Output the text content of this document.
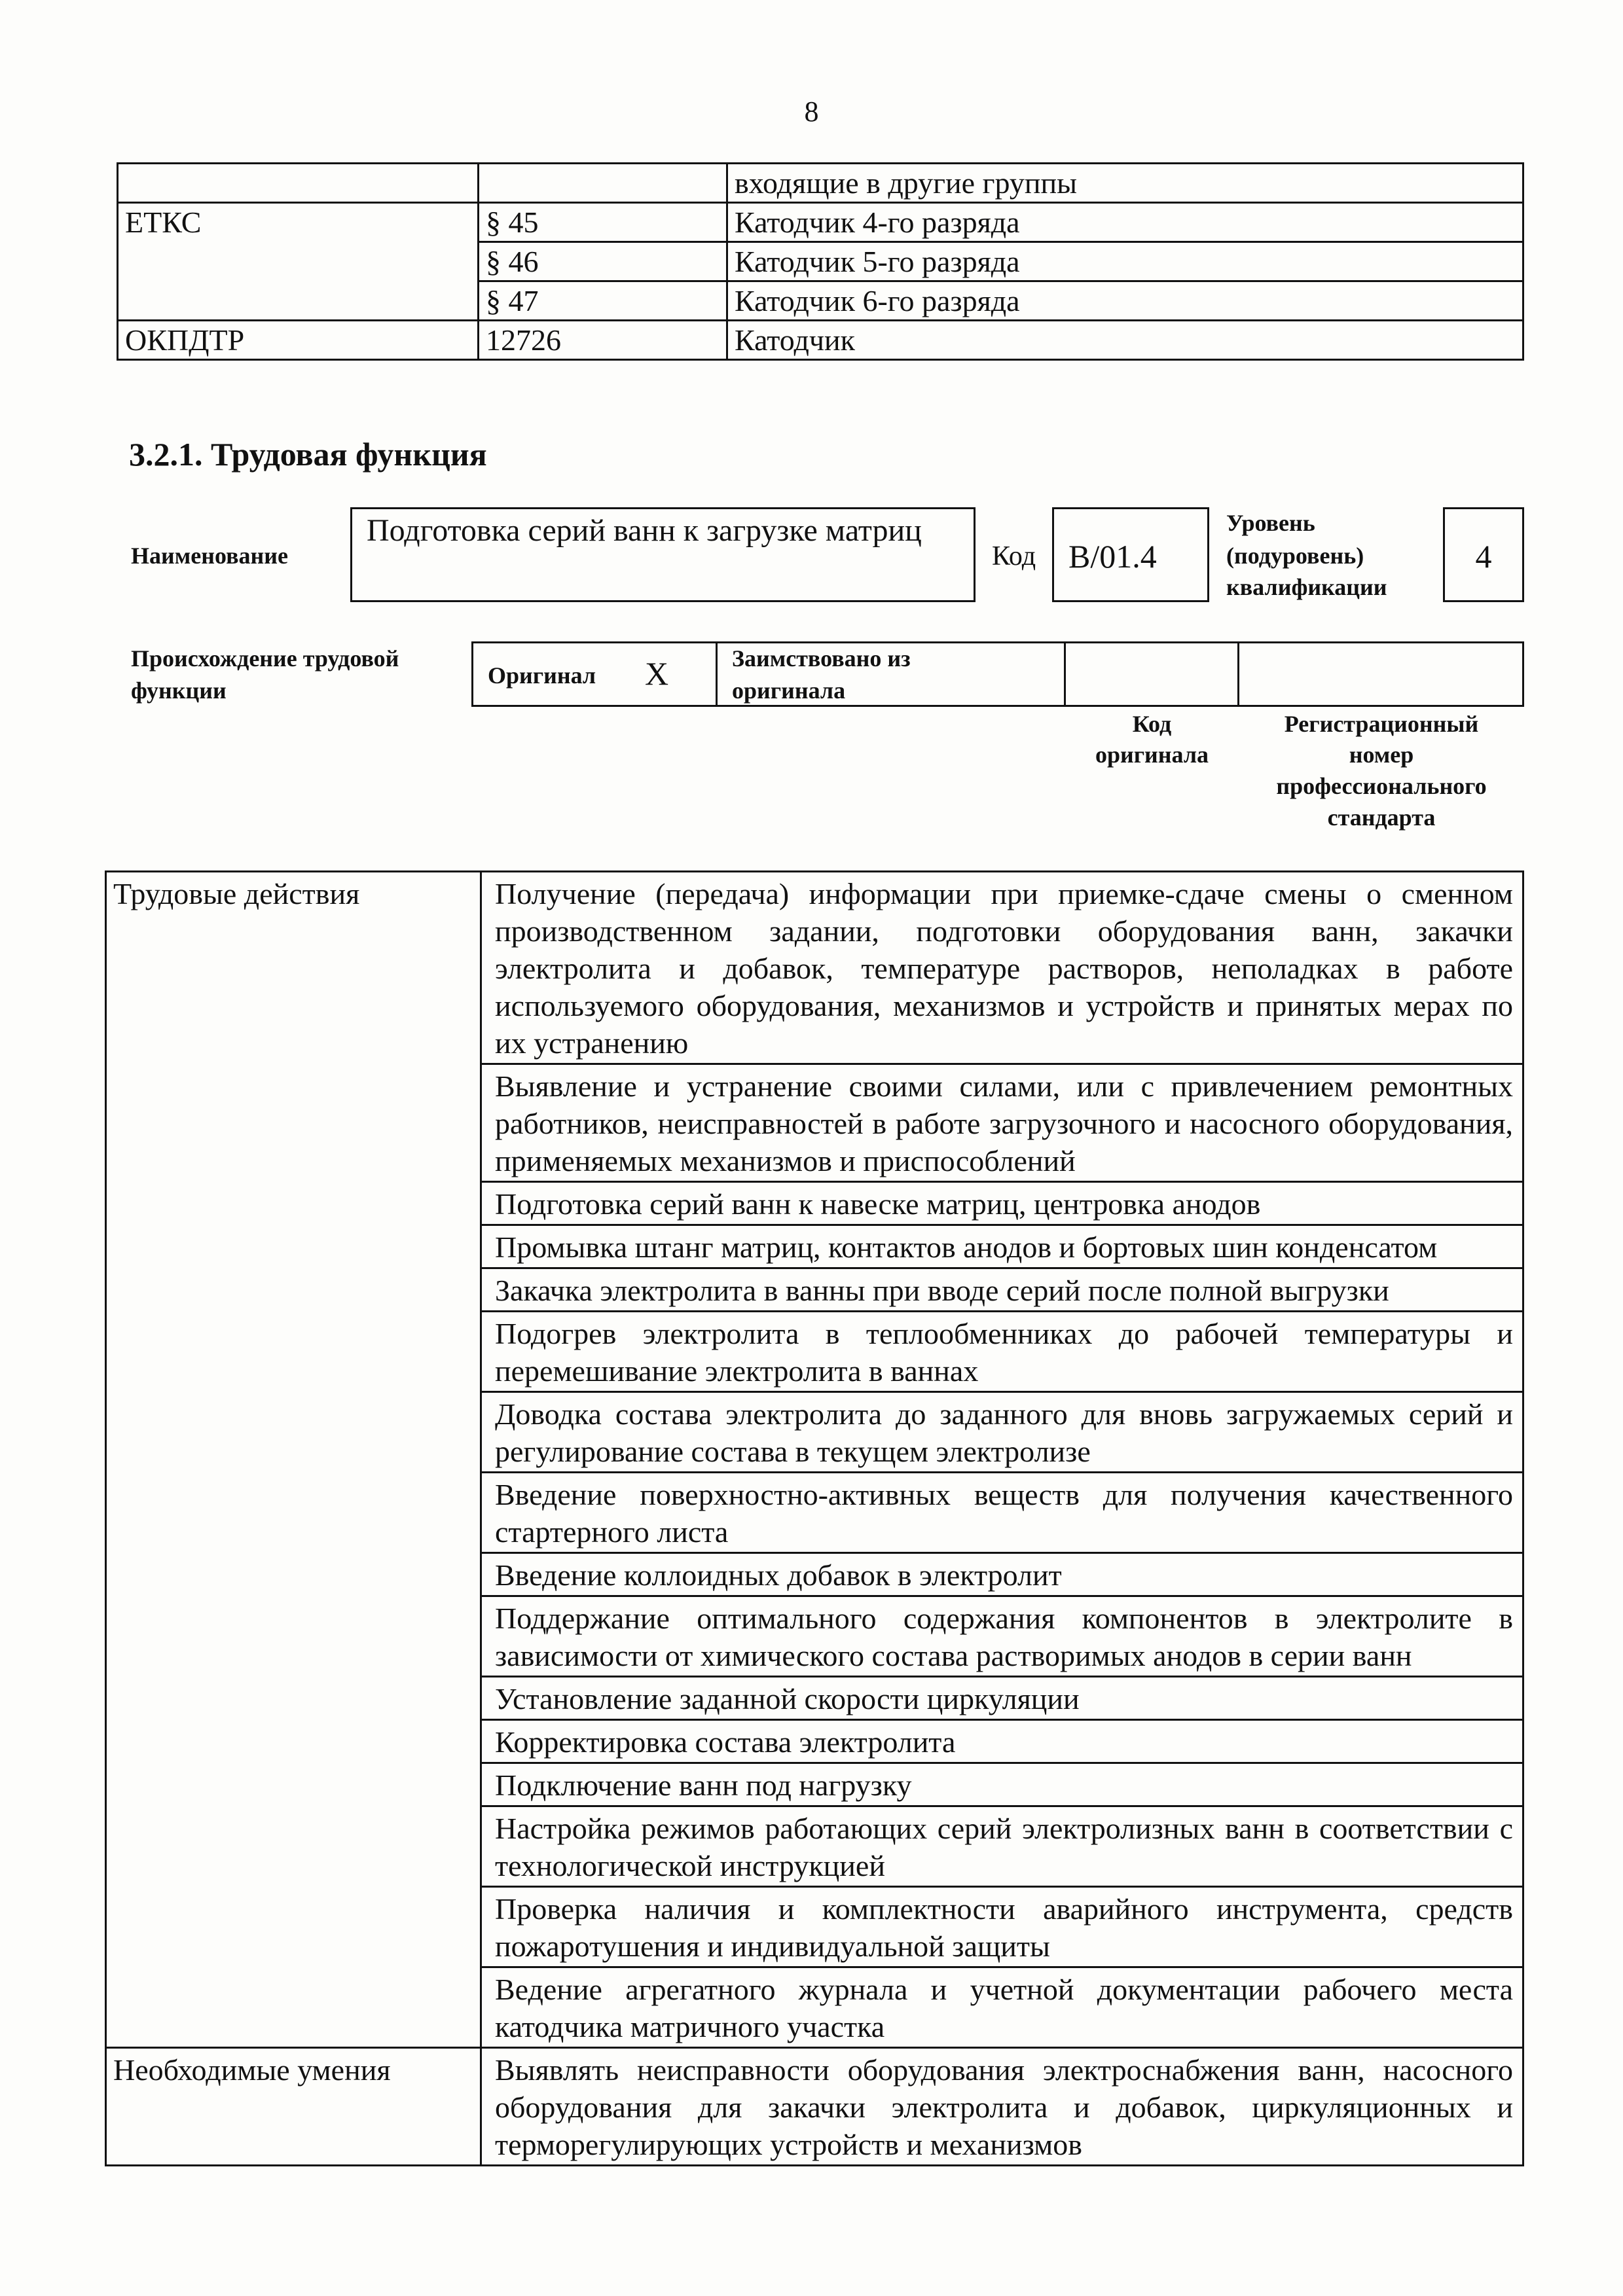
8
		входящие в другие группы
ЕТКС	§ 45	Катодчик 4-го разряда
	§ 46	Катодчик 5-го разряда
	§ 47	Катодчик 6-го разряда
ОКПДТР	12726	Катодчик
3.2.1. Трудовая функция
Наименование
Подготовка серий ванн к загрузке матриц
Код B/01.4
Уровень
(подуровень)
квалификации
4
Происхождение трудовой
функции
Оригинал X	Заимствовано из
оригинала
Код
оригинала
Регистрационный
номер
профессионального
стандарта
Трудовые действия	Получение (передача) информации при приемке-сдаче смены о сменном производственном задании, подготовки оборудования ванн, закачки электролита и добавок, температуре растворов, неполадках в работе используемого оборудования, механизмов и устройств и принятых мерах по их устранению
	Выявление и устранение своими силами, или с привлечением ремонтных работников, неисправностей в работе загрузочного и насосного оборудования, применяемых механизмов и приспособлений
	Подготовка серий ванн к навеске матриц, центровка анодов
	Промывка штанг матриц, контактов анодов и бортовых шин конденсатом
	Закачка электролита в ванны при вводе серий после полной выгрузки
	Подогрев электролита в теплообменниках до рабочей температуры и перемешивание электролита в ваннах
	Доводка состава электролита до заданного для вновь загружаемых серий и регулирование состава в текущем электролизе
	Введение поверхностно-активных веществ для получения качественного стартерного листа
	Введение коллоидных добавок в электролит
	Поддержание оптимального содержания компонентов в электролите в зависимости от химического состава растворимых анодов в серии ванн
	Установление заданной скорости циркуляции
	Корректировка состава электролита
	Подключение ванн под нагрузку
	Настройка режимов работающих серий электролизных ванн в соответствии с технологической инструкцией
	Проверка наличия и комплектности аварийного инструмента, средств пожаротушения и индивидуальной защиты
	Ведение агрегатного журнала и учетной документации рабочего места катодчика матричного участка
Необходимые умения	Выявлять неисправности оборудования электроснабжения ванн, насосного оборудования для закачки электролита и добавок, циркуляционных и терморегулирующих устройств и механизмов
